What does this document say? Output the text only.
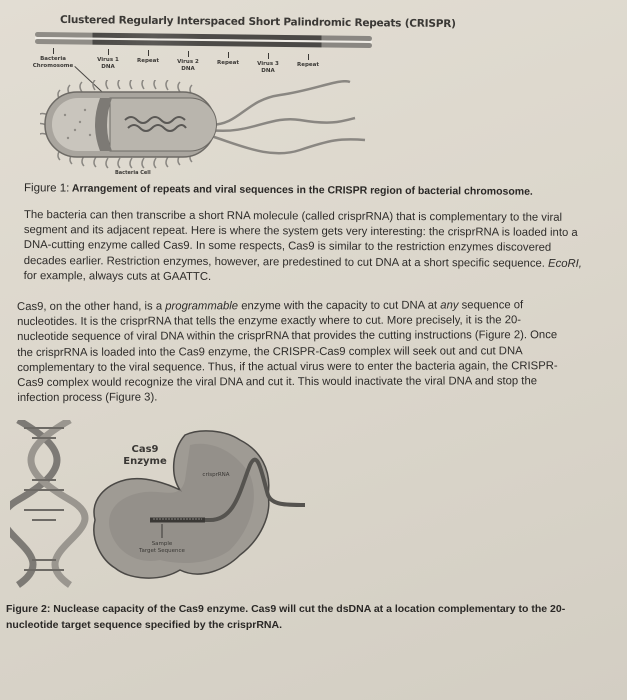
Clustered Regularly Interspaced Short Palindromic Repeats (CRISPR)
Bacteria
Chromosome
Virus 1
DNA
Repeat	Virus 2
DNA
Repeat	Virus 3
DNA
Repeat
Bacteria Cell
Figure 1: Arrangement of repeats and viral sequences in the CRISPR region of bacterial chromosome.
The bacteria can then transcribe a short RNA molecule (called crisprRNA) that is complementary to the viral
segment and its adjacent repeat. Here is where the system gets very interesting: the crisprRNA is loaded into a
DNA-cutting enzyme called Cas9. In some respects, Cas9 is similar to the restriction enzymes discovered
decades earlier. Restriction enzymes, however, are predestined to cut DNA at a short specific sequence. EcoRI,
for example, always cuts at GAATTC.
Cas9, on the other hand, is a programmable enzyme with the capacity to cut DNA at any sequence of
nucleotides. It is the crisprRNA that tells the enzyme exactly where to cut. More precisely, it is the 20-
nucleotide sequence of viral DNA within the crisprRNA that provides the cutting instructions (Figure 2). Once
the crisprRNA is loaded into the Cas9 enzyme, the CRISPR-Cas9 complex will seek out and cut DNA
complementary to the viral sequence. Thus, if the actual virus were to enter the bacteria again, the CRISPR-
Cas9 complex would recognize the viral DNA and cut it. This would inactivate the viral DNA and stop the
infection process (Figure 3).
Cas9
Enzyme
crisprRNA
Sample
Target Sequence
Figure 2: Nuclease capacity of the Cas9 enzyme. Cas9 will cut the dsDNA at a location complementary to the 20-
nucleotide target sequence specified by the crisprRNA.
